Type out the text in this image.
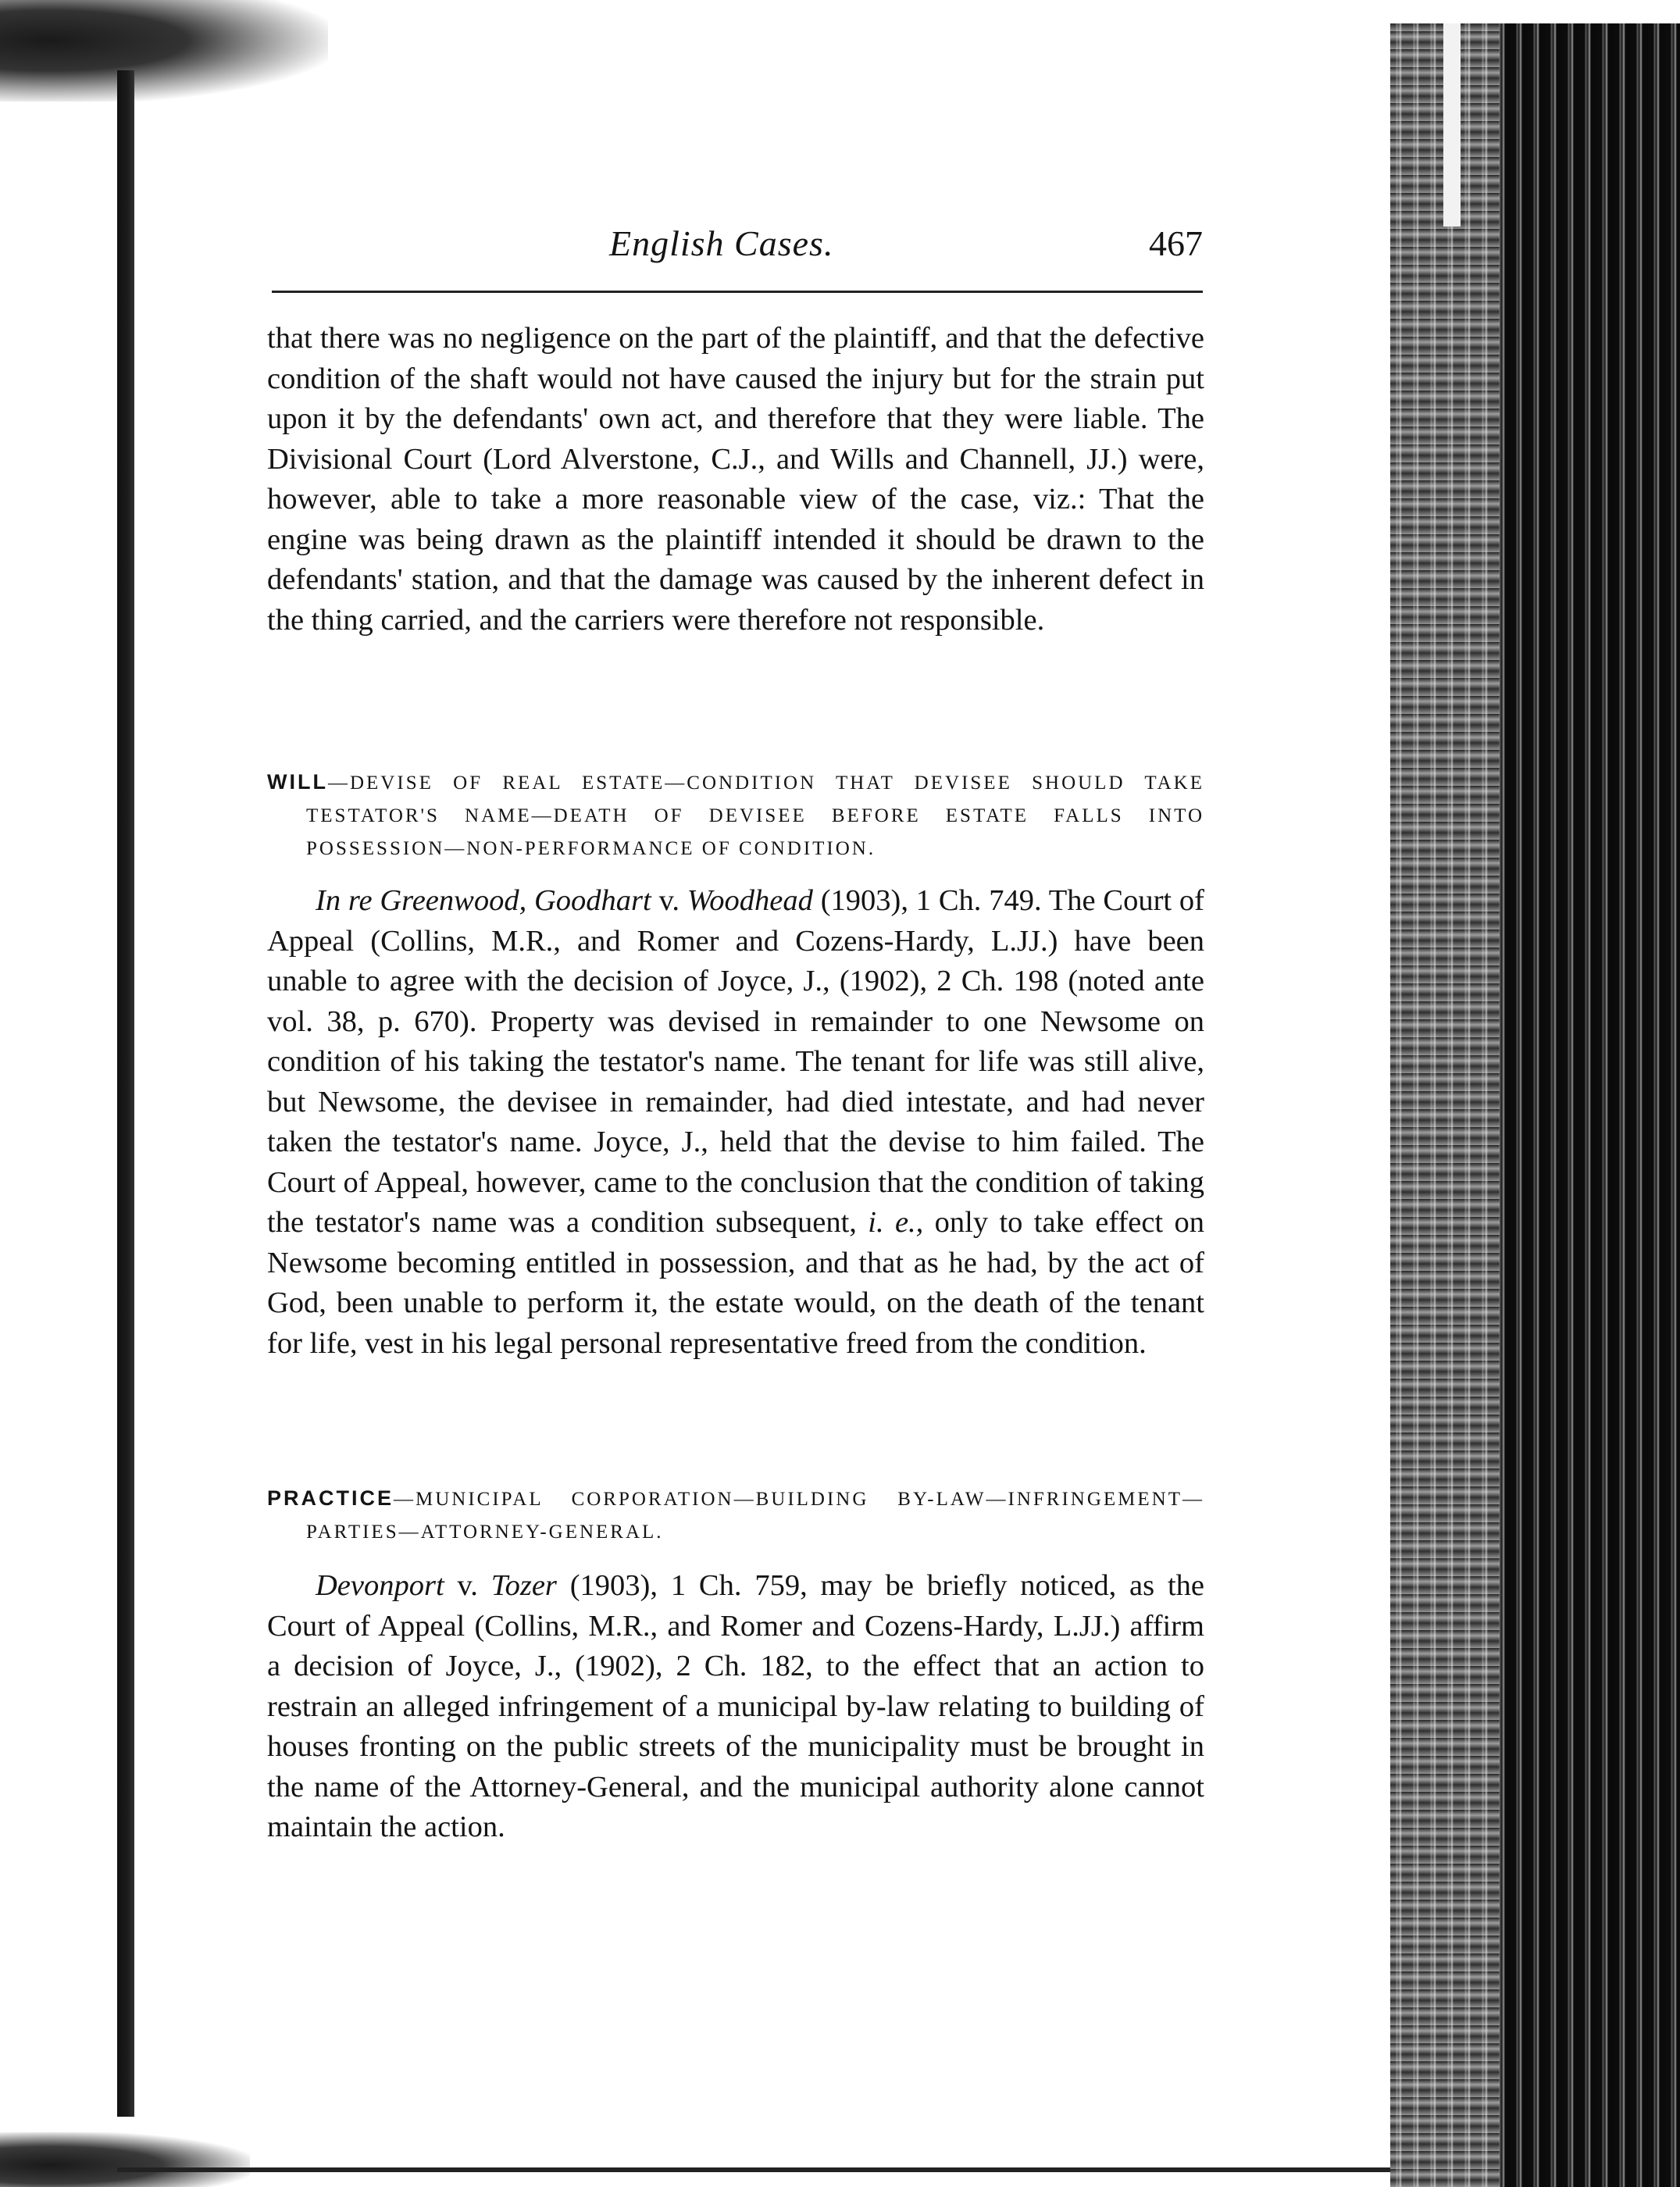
English Cases.	467

that there was no negligence on the part of the plaintiff, and that the defective condition of the shaft would not have caused the injury but for the strain put upon it by the defendants' own act, and therefore that they were liable. The Divisional Court (Lord Alverstone, C.J., and Wills and Channell, JJ.) were, however, able to take a more reasonable view of the case, viz.: That the engine was being drawn as the plaintiff intended it should be drawn to the defendants' station, and that the damage was caused by the inherent defect in the thing carried, and the carriers were therefore not responsible.

WILL—DEVISE OF REAL ESTATE—CONDITION THAT DEVISEE SHOULD TAKE TESTATOR'S NAME—DEATH OF DEVISEE BEFORE ESTATE FALLS INTO POSSESSION—NON-PERFORMANCE OF CONDITION.

In re Greenwood, Goodhart v. Woodhead (1903), 1 Ch. 749. The Court of Appeal (Collins, M.R., and Romer and Cozens-Hardy, L.JJ.) have been unable to agree with the decision of Joyce, J., (1902), 2 Ch. 198 (noted ante vol. 38, p. 670). Property was devised in remainder to one Newsome on condition of his taking the testator's name. The tenant for life was still alive, but Newsome, the devisee in remainder, had died intestate, and had never taken the testator's name. Joyce, J., held that the devise to him failed. The Court of Appeal, however, came to the conclusion that the condition of taking the testator's name was a condition subsequent, i. e., only to take effect on Newsome becoming entitled in possession, and that as he had, by the act of God, been unable to perform it, the estate would, on the death of the tenant for life, vest in his legal personal representative freed from the condition.

PRACTICE—MUNICIPAL CORPORATION—BUILDING BY-LAW—INFRINGEMENT—PARTIES—ATTORNEY-GENERAL.

Devonport v. Tozer (1903), 1 Ch. 759, may be briefly noticed, as the Court of Appeal (Collins, M.R., and Romer and Cozens-Hardy, L.JJ.) affirm a decision of Joyce, J., (1902), 2 Ch. 182, to the effect that an action to restrain an alleged infringement of a municipal by-law relating to building of houses fronting on the public streets of the municipality must be brought in the name of the Attorney-General, and the municipal authority alone cannot maintain the action.
